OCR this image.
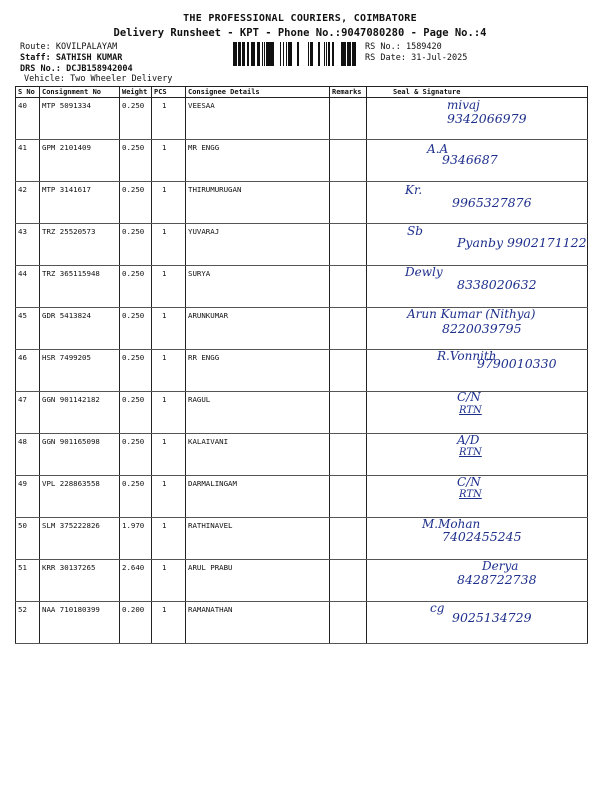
THE PROFESSIONAL COURIERS, COIMBATORE
Delivery Runsheet - KPT - Phone No.:9047080280 - Page No.:4
Route: KOVILPALAYAM
Staff: SATHISH KUMAR
DRS No.: DCJB158942004
Vehicle: Two Wheeler Delivery
RS No.: 1589420
RS Date: 31-Jul-2025
S No	Consignment No	Weight	PCS	Consignee Details	Remarks	Seal & Signature
40	MTP 5091334	0.250	1	VEESAA		mivaj
9342066979

41	GPM 2101409	0.250	1	MR ENGG		A.A
9346687

42	MTP 3141617	0.250	1	THIRUMURUGAN		Kr.
9965327876

43	TRZ 25520573	0.250	1	YUVARAJ		Sb
Pyanby 9902171122

44	TRZ 365115948	0.250	1	SURYA		Dewly
8338020632

45	GDR 5413824	0.250	1	ARUNKUMAR		Arun Kumar (Nithya)
8220039795

46	HSR 7499205	0.250	1	RR ENGG		R.Vonnith
9790010330

47	GGN 901142182	0.250	1	RAGUL		C/N
RTN

48	GGN 901165098	0.250	1	KALAIVANI		A/D
RTN

49	VPL 228863558	0.250	1	DARMALINGAM		C/N
RTN

50	SLM 375222826	1.970	1	RATHINAVEL		M.Mohan
7402455245

51	KRR 30137265	2.640	1	ARUL PRABU		Derya
8428722738

52	NAA 710180399	0.200	1	RAMANATHAN		cg
9025134729
